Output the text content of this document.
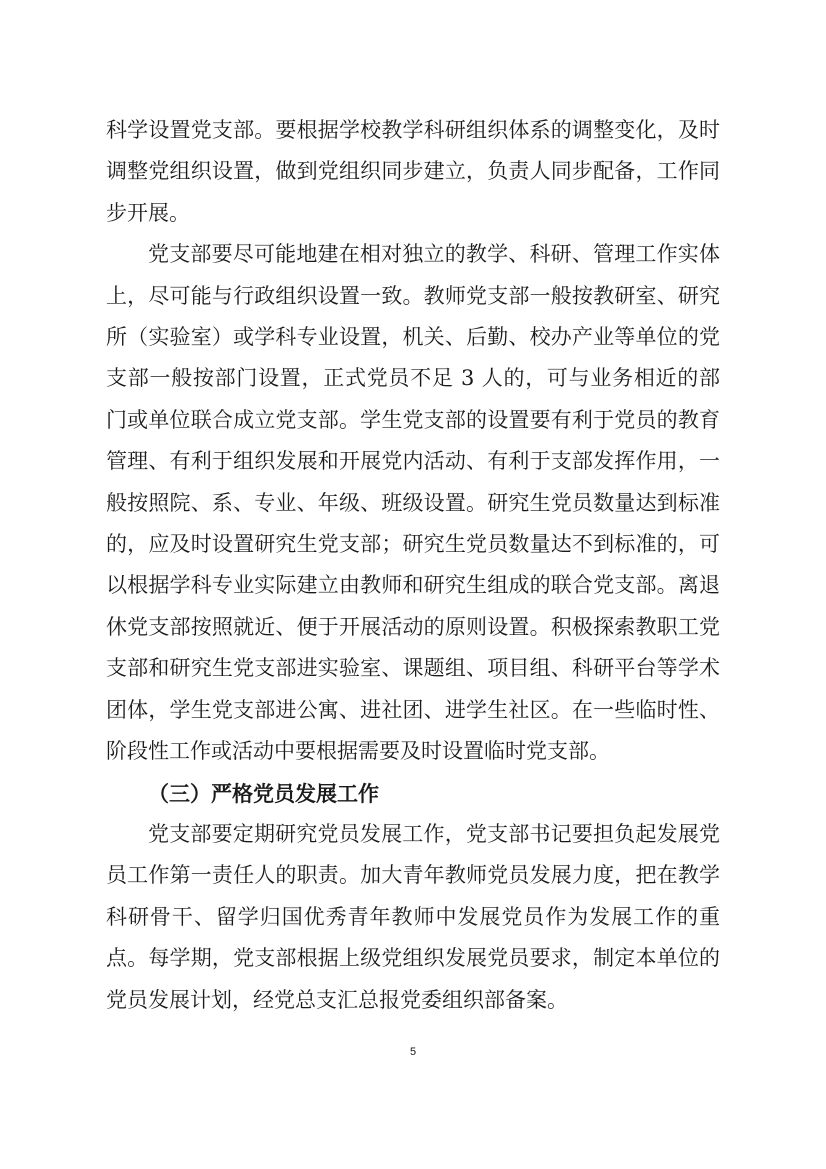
科学设置党支部。要根据学校教学科研组织体系的调整变化，及时调整党组织设置，做到党组织同步建立，负责人同步配备，工作同步开展。

党支部要尽可能地建在相对独立的教学、科研、管理工作实体上，尽可能与行政组织设置一致。教师党支部一般按教研室、研究所（实验室）或学科专业设置，机关、后勤、校办产业等单位的党支部一般按部门设置，正式党员不足 3 人的，可与业务相近的部门或单位联合成立党支部。学生党支部的设置要有利于党员的教育管理、有利于组织发展和开展党内活动、有利于支部发挥作用，一般按照院、系、专业、年级、班级设置。研究生党员数量达到标准的，应及时设置研究生党支部；研究生党员数量达不到标准的，可以根据学科专业实际建立由教师和研究生组成的联合党支部。离退休党支部按照就近、便于开展活动的原则设置。积极探索教职工党支部和研究生党支部进实验室、课题组、项目组、科研平台等学术团体，学生党支部进公寓、进社团、进学生社区。在一些临时性、阶段性工作或活动中要根据需要及时设置临时党支部。

（三）严格党员发展工作

党支部要定期研究党员发展工作，党支部书记要担负起发展党员工作第一责任人的职责。加大青年教师党员发展力度，把在教学科研骨干、留学归国优秀青年教师中发展党员作为发展工作的重点。每学期，党支部根据上级党组织发展党员要求，制定本单位的党员发展计划，经党总支汇总报党委组织部备案。

5
